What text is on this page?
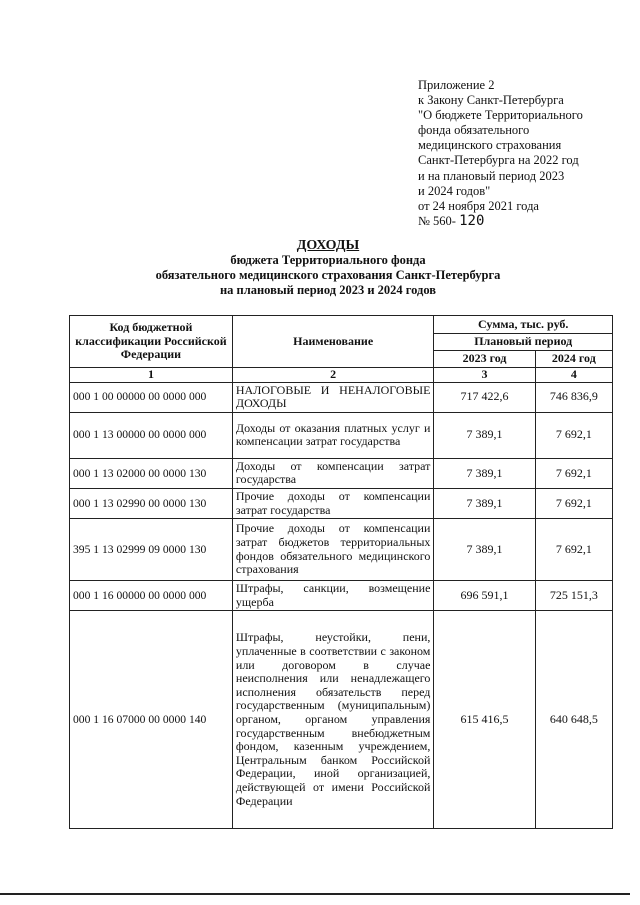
Приложение 2
к Закону Санкт-Петербурга
"О бюджете Территориального
фонда обязательного
медицинского страхования
Санкт-Петербурга на 2022 год
и на плановый период 2023
и 2024 годов"
от 24 ноября 2021 года
№ 560- 120
ДОХОДЫ
бюджета Территориального фонда
обязательного медицинского страхования Санкт-Петербурга
на плановый период 2023 и 2024 годов
Код бюджетной классификации Российской Федерации	Наименование	Сумма, тыс. руб.	
		Плановый период	
		2023 год	2024 год
1	2	3	4
000 1 00 00000 00 0000 000	НАЛОГОВЫЕ И НЕНАЛОГОВЫЕ ДОХОДЫ	717 422,6	746 836,9
000 1 13 00000 00 0000 000	Доходы от оказания платных услуг и компенсации затрат государства	7 389,1	7 692,1
000 1 13 02000 00 0000 130	Доходы от компенсации затрат государства	7 389,1	7 692,1
000 1 13 02990 00 0000 130	Прочие доходы от компенсации затрат государства	7 389,1	7 692,1
395 1 13 02999 09 0000 130	Прочие доходы от компенсации затрат бюджетов территориальных фондов обязательного медицинского страхования	7 389,1	7 692,1
000 1 16 00000 00 0000 000	Штрафы, санкции, возмещение ущерба	696 591,1	725 151,3
000 1 16 07000 00 0000 140	Штрафы, неустойки, пени, уплаченные в соответствии с законом или договором в случае неисполнения или ненадлежащего исполнения обязательств перед государственным (муниципальным) органом, органом управления государственным внебюджетным фондом, казенным учреждением, Центральным банком Российской Федерации, иной организацией, действующей от имени Российской Федерации	615 416,5	640 648,5
